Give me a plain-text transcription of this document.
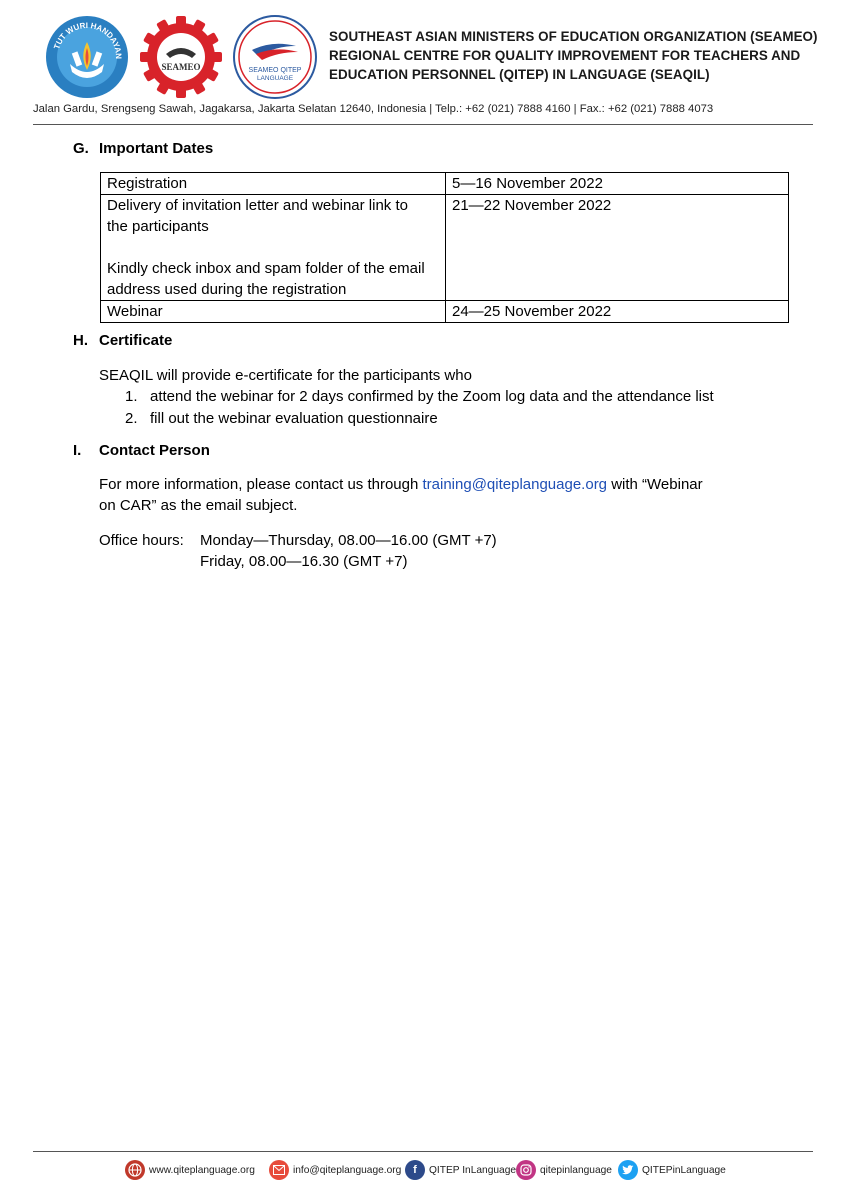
TUT WURI HANDAYAN
SEAMEO	SEAMEO QITEP
LANGUAGE
SOUTHEAST ASIAN MINISTERS OF EDUCATION ORGANIZATION (SEAMEO)
REGIONAL CENTRE FOR QUALITY IMPROVEMENT FOR TEACHERS AND
EDUCATION PERSONNEL (QITEP) IN LANGUAGE (SEAQIL)
Jalan Gardu, Srengseng Sawah, Jagakarsa, Jakarta Selatan 12640, Indonesia | Telp.: +62 (021) 7888 4160 | Fax.: +62 (021) 7888 4073
G. Important Dates
Registration	5—16 November 2022

Delivery of invitation letter and webinar link to
the participants
Kindly check inbox and spam folder of the email
address used during the registration	21—22 November 2022
Webinar	24—25 November 2022
H. Certificate
SEAQIL will provide e-certificate for the participants who
1. attend the webinar for 2 days confirmed by the Zoom log data and the attendance list
2. fill out the webinar evaluation questionnaire
I. Contact Person
For more information, please contact us through training@qiteplanguage.org with “Webinar
on CAR” as the email subject.
Office hours: Monday—Thursday, 08.00—16.00 (GMT +7)
Friday, 08.00—16.30 (GMT +7)
www.qiteplanguage.org	info@qiteplanguage.org	f	QITEP InLanguage qitepinlanguage	QITEPinLanguage
